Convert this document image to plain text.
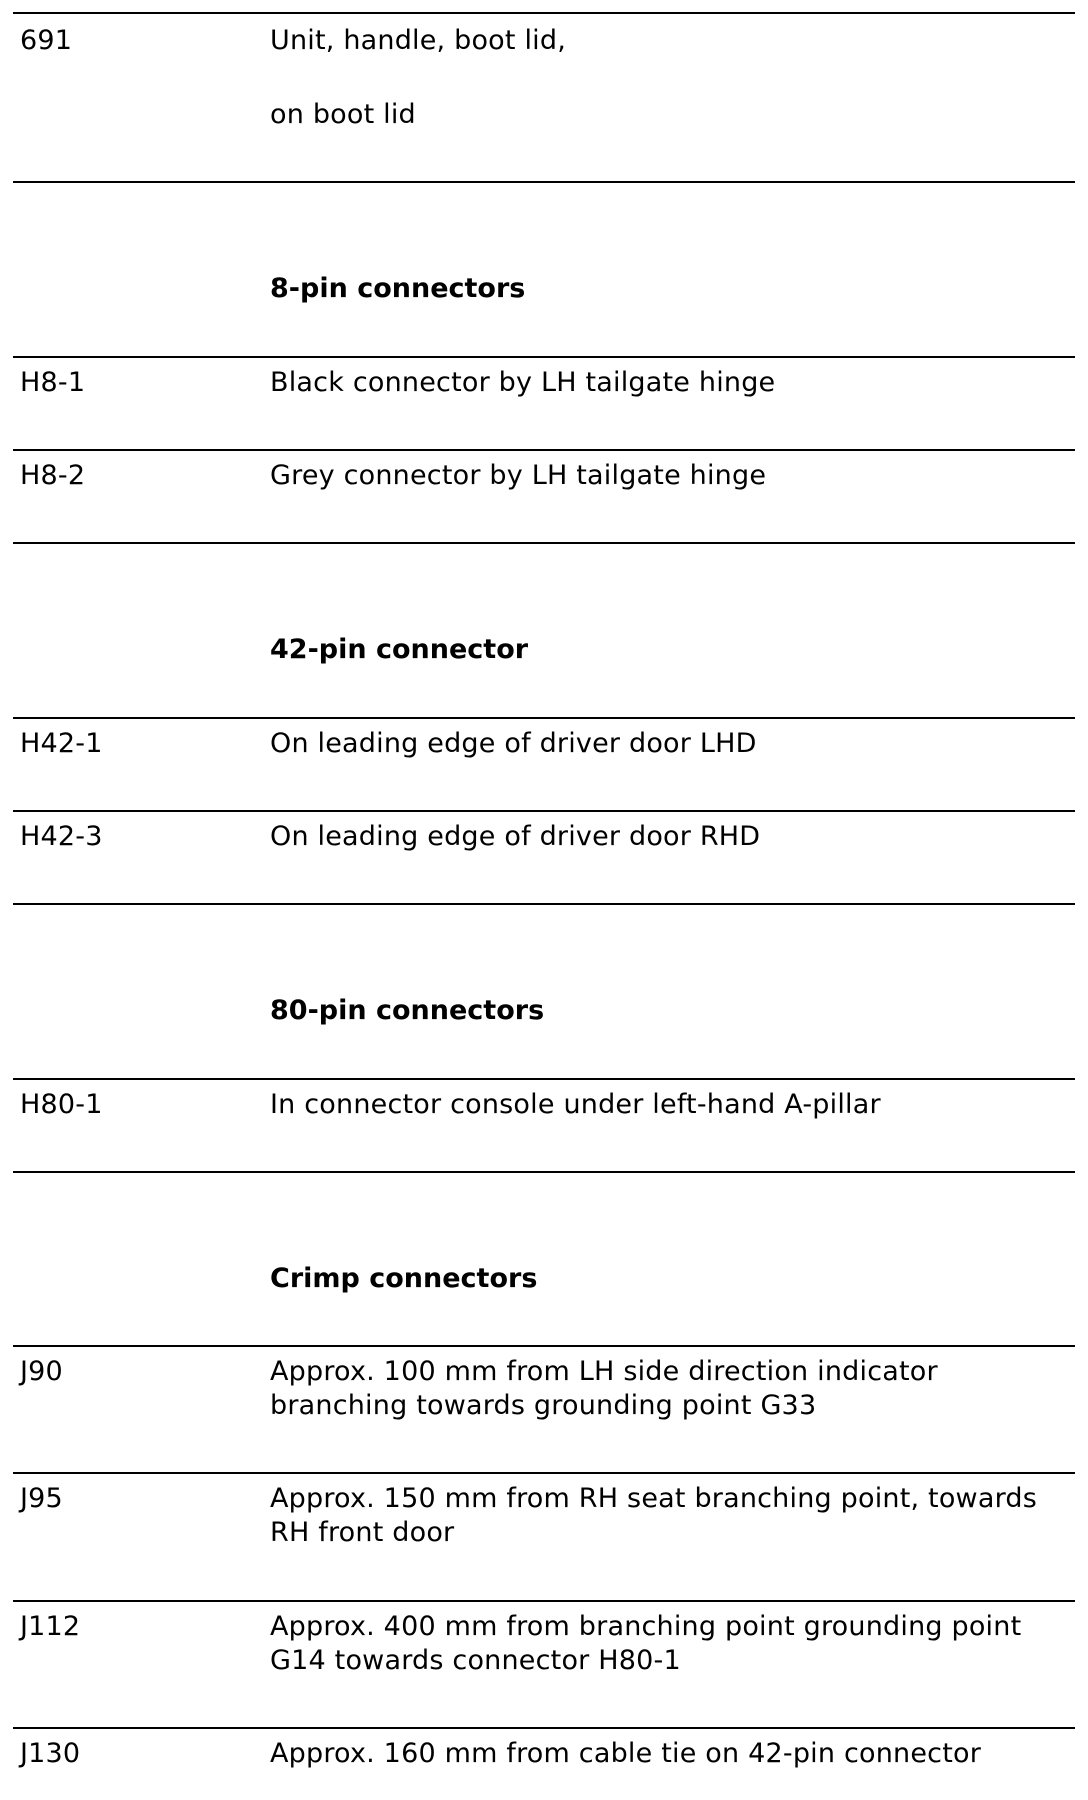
691	Unit, handle, boot lid,
on boot lid
8-pin connectors
H8-1	Black connector by LH tailgate hinge
H8-2	Grey connector by LH tailgate hinge
42-pin connector
H42-1	On leading edge of driver door LHD
H42-3	On leading edge of driver door RHD
80-pin connectors
H80-1	In connector console under left-hand A-pillar
Crimp connectors
J90	Approx. 100 mm from LH side direction indicator
branching towards grounding point G33
J95	Approx. 150 mm from RH seat branching point, towards
RH front door
J112	Approx. 400 mm from branching point grounding point
G14 towards connector H80-1
J130	Approx. 160 mm from cable tie on 42-pin connector
